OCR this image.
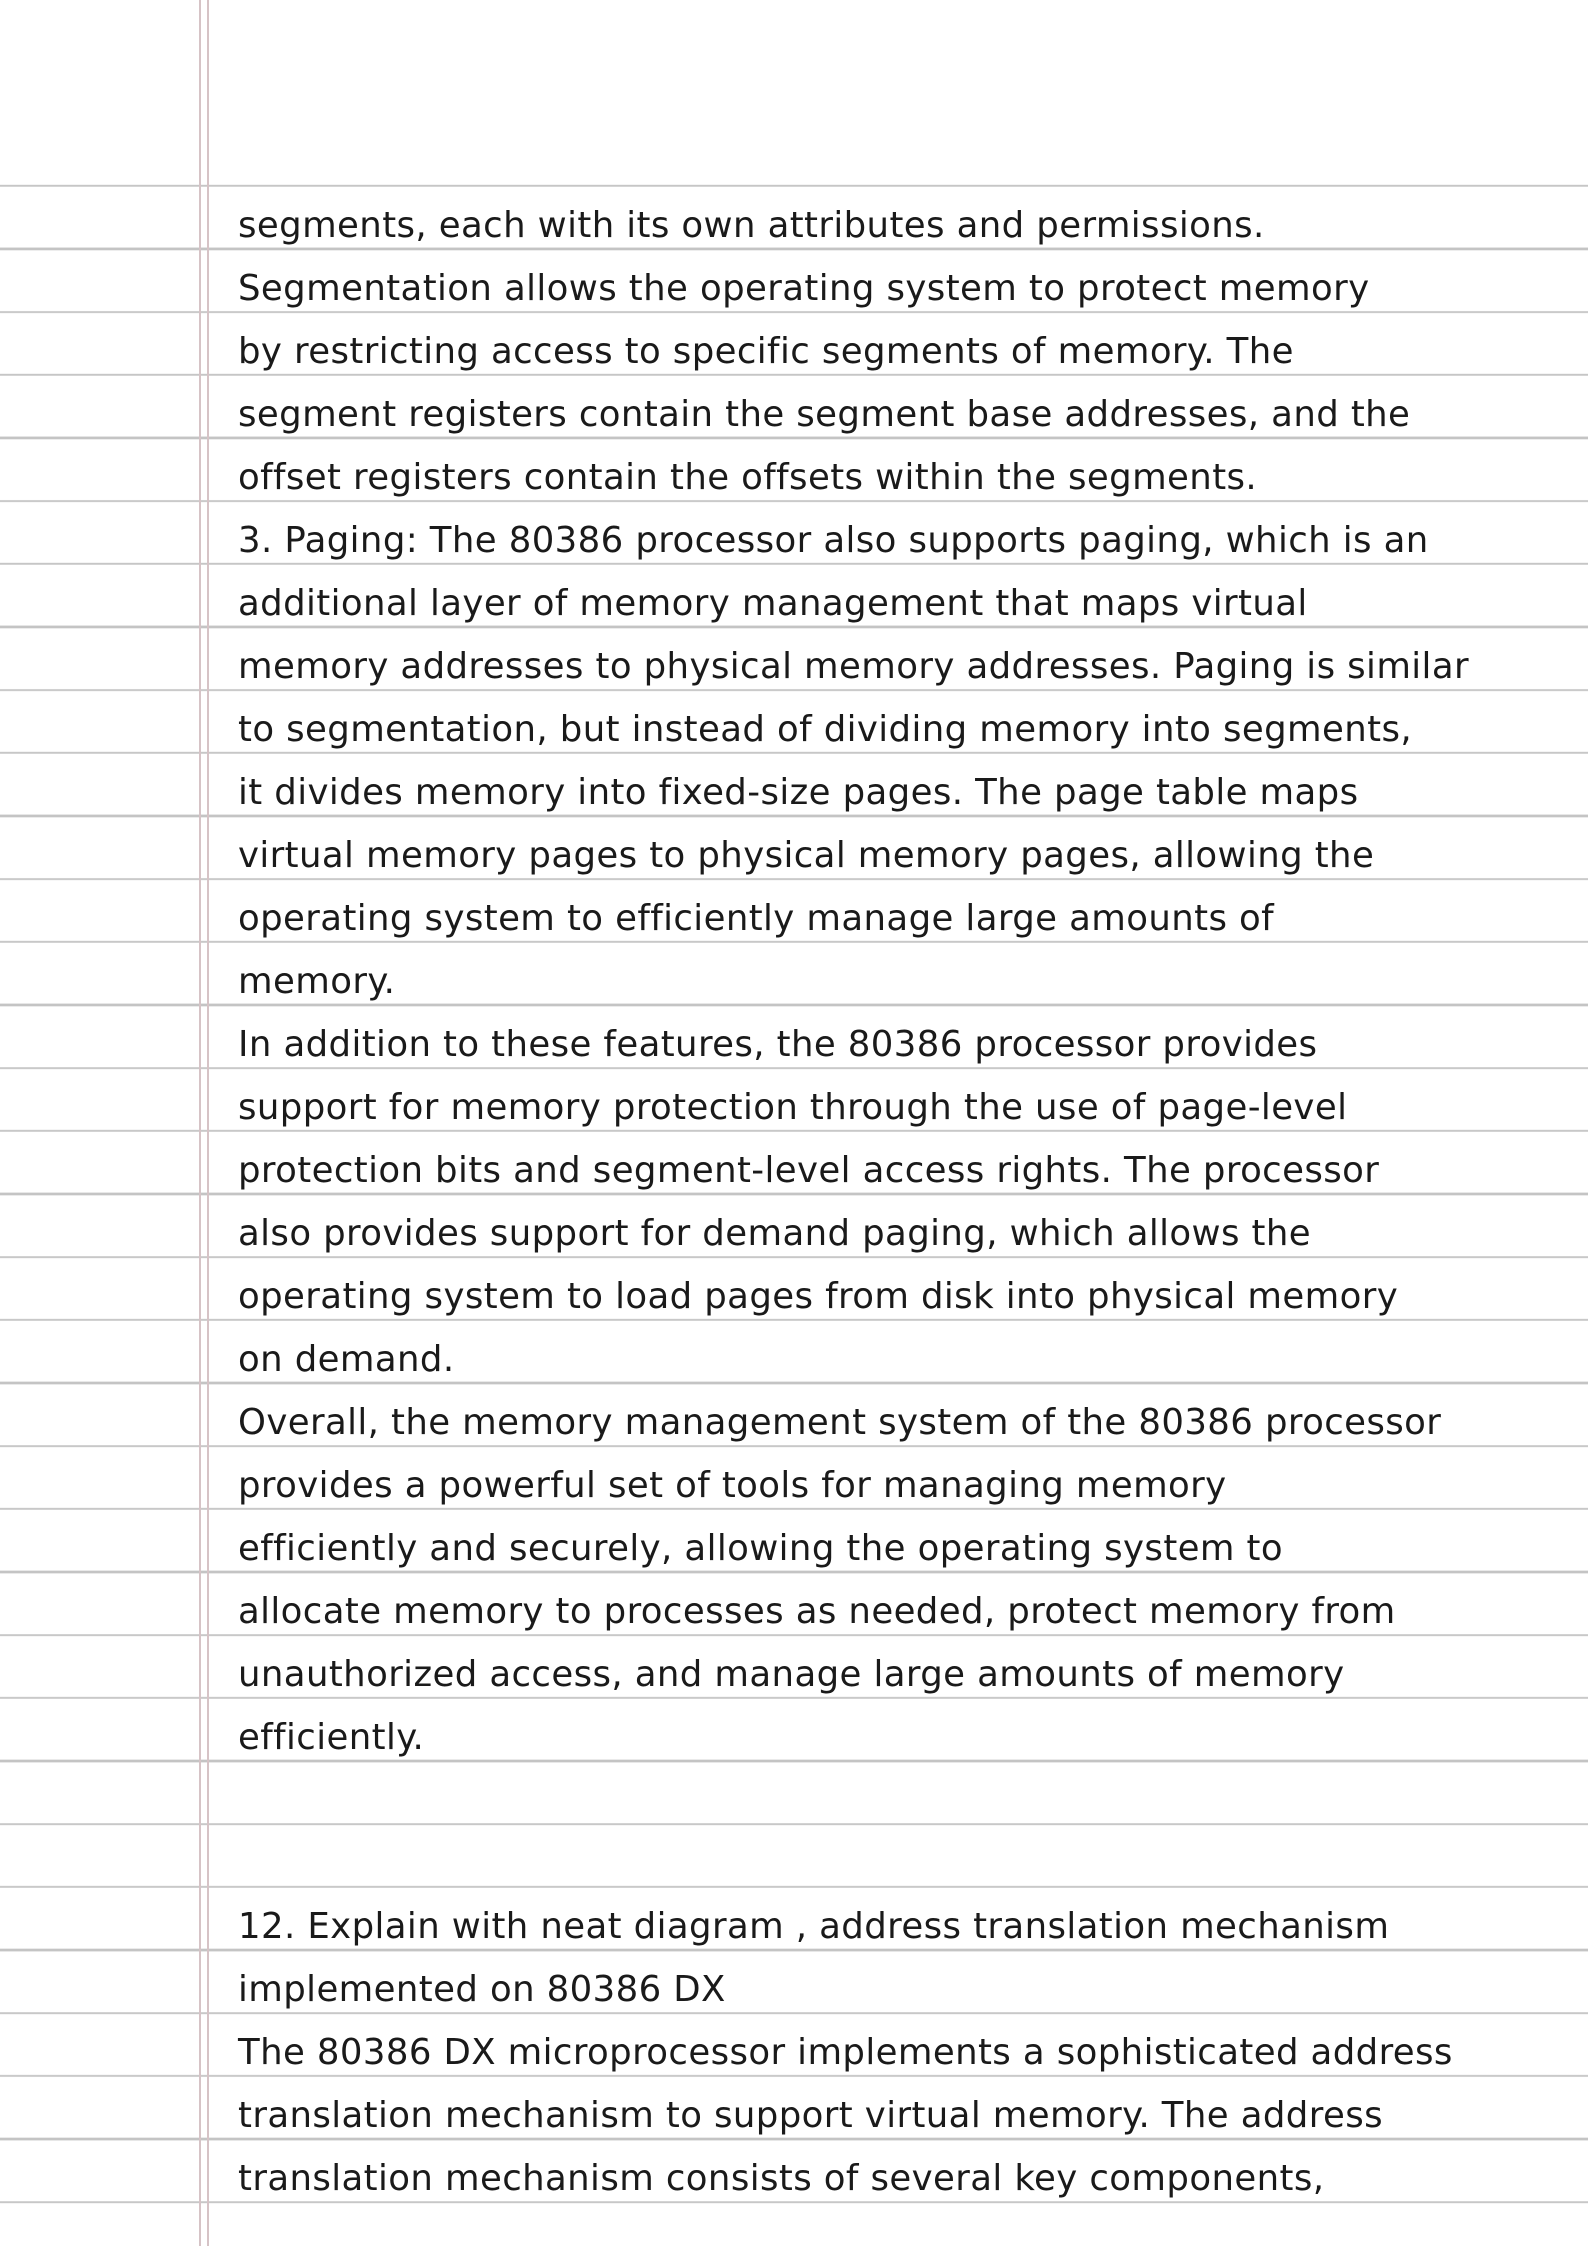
segments, each with its own attributes and permissions.
Segmentation allows the operating system to protect memory
by restricting access to specific segments of memory. The
segment registers contain the segment base addresses, and the
offset registers contain the offsets within the segments.
3. Paging: The 80386 processor also supports paging, which is an
additional layer of memory management that maps virtual
memory addresses to physical memory addresses. Paging is similar
to segmentation, but instead of dividing memory into segments,
it divides memory into fixed-size pages. The page table maps
virtual memory pages to physical memory pages, allowing the
operating system to efficiently manage large amounts of
memory.
In addition to these features, the 80386 processor provides
support for memory protection through the use of page-level
protection bits and segment-level access rights. The processor
also provides support for demand paging, which allows the
operating system to load pages from disk into physical memory
on demand.
Overall, the memory management system of the 80386 processor
provides a powerful set of tools for managing memory
efficiently and securely, allowing the operating system to
allocate memory to processes as needed, protect memory from
unauthorized access, and manage large amounts of memory
efficiently.
12. Explain with neat diagram , address translation mechanism
implemented on 80386 DX
The 80386 DX microprocessor implements a sophisticated address
translation mechanism to support virtual memory. The address
translation mechanism consists of several key components,
